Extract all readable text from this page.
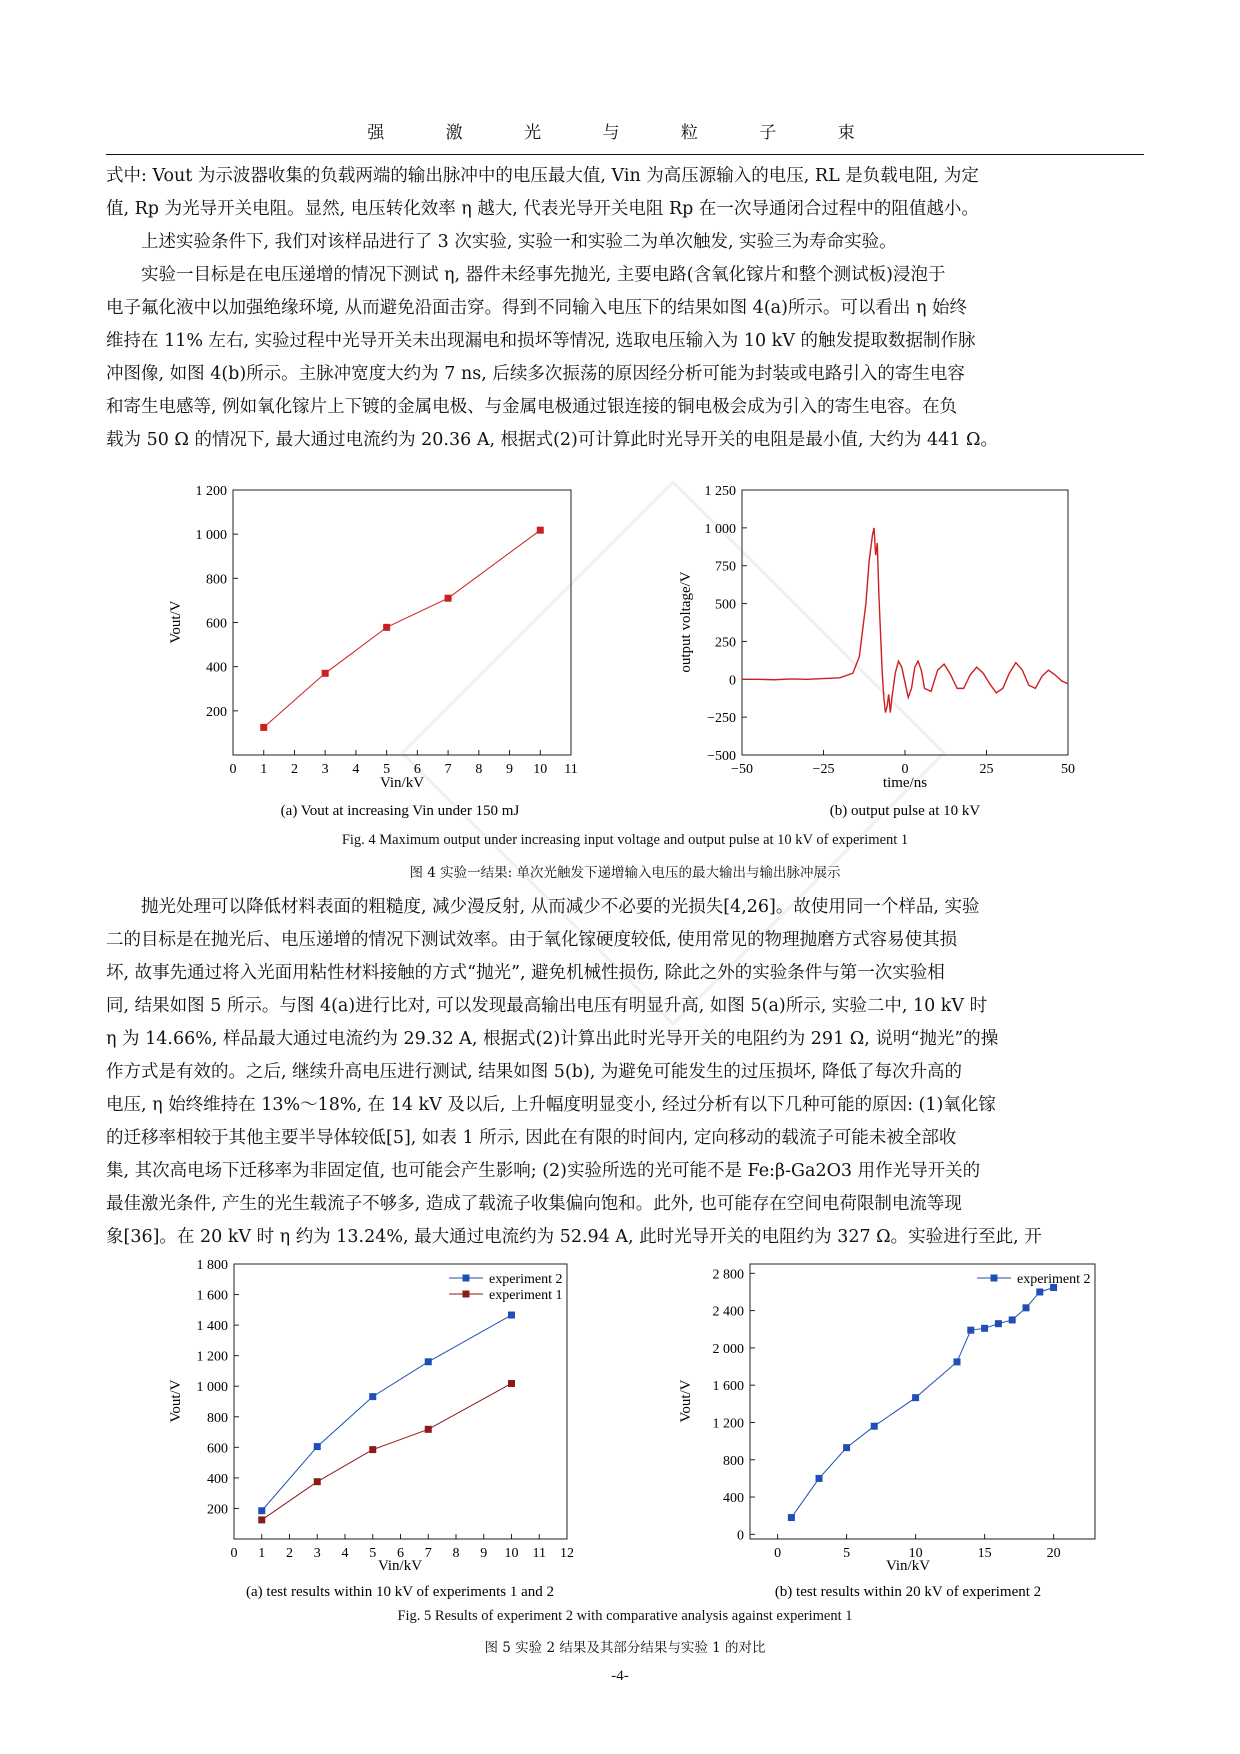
强 激 光 与 粒 子 束
式中: Vout 为示波器收集的负载两端的输出脉冲中的电压最大值, Vin 为高压源输入的电压, RL 是负载电阻, 为定
值, Rp 为光导开关电阻。显然, 电压转化效率 η 越大, 代表光导开关电阻 Rp 在一次导通闭合过程中的阻值越小。
上述实验条件下, 我们对该样品进行了 3 次实验, 实验一和实验二为单次触发, 实验三为寿命实验。
实验一目标是在电压递增的情况下测试 η, 器件未经事先抛光, 主要电路(含氧化镓片和整个测试板)浸泡于
电子氟化液中以加强绝缘环境, 从而避免沿面击穿。得到不同输入电压下的结果如图 4(a)所示。可以看出 η 始终
维持在 11% 左右, 实验过程中光导开关未出现漏电和损坏等情况, 选取电压输入为 10 kV 的触发提取数据制作脉
冲图像, 如图 4(b)所示。主脉冲宽度大约为 7 ns, 后续多次振荡的原因经分析可能为封装或电路引入的寄生电容
和寄生电感等, 例如氧化镓片上下镀的金属电极、与金属电极通过银连接的铜电极会成为引入的寄生电容。在负
载为 50 Ω 的情况下, 最大通过电流约为 20.36 A, 根据式(2)可计算此时光导开关的电阻是最小值, 大约为 441 Ω。
0 1 2 3 4 5 6 7 8 9 10 11
200
400
600
800
1 000
1 200
Vout/V
Vin/kV
(a) Vout at increasing Vin under 150 mJ
−50	−25	0	25	50
−500
−250
0
250
500
750
1 000
1 250
output voltage/V
time/ns
(b) output pulse at 10 kV
Fig. 4 Maximum output under increasing input voltage and output pulse at 10 kV of experiment 1
图 4 实验一结果: 单次光触发下递增输入电压的最大输出与输出脉冲展示
抛光处理可以降低材料表面的粗糙度, 减少漫反射, 从而减少不必要的光损失[4,26]。故使用同一个样品, 实验
二的目标是在抛光后、电压递增的情况下测试效率。由于氧化镓硬度较低, 使用常见的物理抛磨方式容易使其损
坏, 故事先通过将入光面用粘性材料接触的方式“抛光”, 避免机械性损伤, 除此之外的实验条件与第一次实验相
同, 结果如图 5 所示。与图 4(a)进行比对, 可以发现最高输出电压有明显升高, 如图 5(a)所示, 实验二中, 10 kV 时
η 为 14.66%, 样品最大通过电流约为 29.32 A, 根据式(2)计算出此时光导开关的电阻约为 291 Ω, 说明“抛光”的操
作方式是有效的。之后, 继续升高电压进行测试, 结果如图 5(b), 为避免可能发生的过压损坏, 降低了每次升高的
电压, η 始终维持在 13%～18%, 在 14 kV 及以后, 上升幅度明显变小, 经过分析有以下几种可能的原因: (1)氧化镓
的迁移率相较于其他主要半导体较低[5], 如表 1 所示, 因此在有限的时间内, 定向移动的载流子可能未被全部收
集, 其次高电场下迁移率为非固定值, 也可能会产生影响; (2)实验所选的光可能不是 Fe:β-Ga2O3 用作光导开关的
最佳激光条件, 产生的光生载流子不够多, 造成了载流子收集偏向饱和。此外, 也可能存在空间电荷限制电流等现
象[36]。在 20 kV 时 η 约为 13.24%, 最大通过电流约为 52.94 A, 此时光导开关的电阻约为 327 Ω。实验进行至此, 开
0 1 2 3 4 5 6 7 8 9 10 11 12
200
400
600
800
1 000
1 200
1 400
1 600
1 800
experiment 2
experiment 1
Vout/V
Vin/kV
(a) test results within 10 kV of experiments 1 and 2
0	5	10	15	20
0
400
800
1 200
1 600
2 000
2 400
2 800	experiment 2
Vout/V
Vin/kV
(b) test results within 20 kV of experiment 2
Fig. 5 Results of experiment 2 with comparative analysis against experiment 1
图 5 实验 2 结果及其部分结果与实验 1 的对比
-4-
